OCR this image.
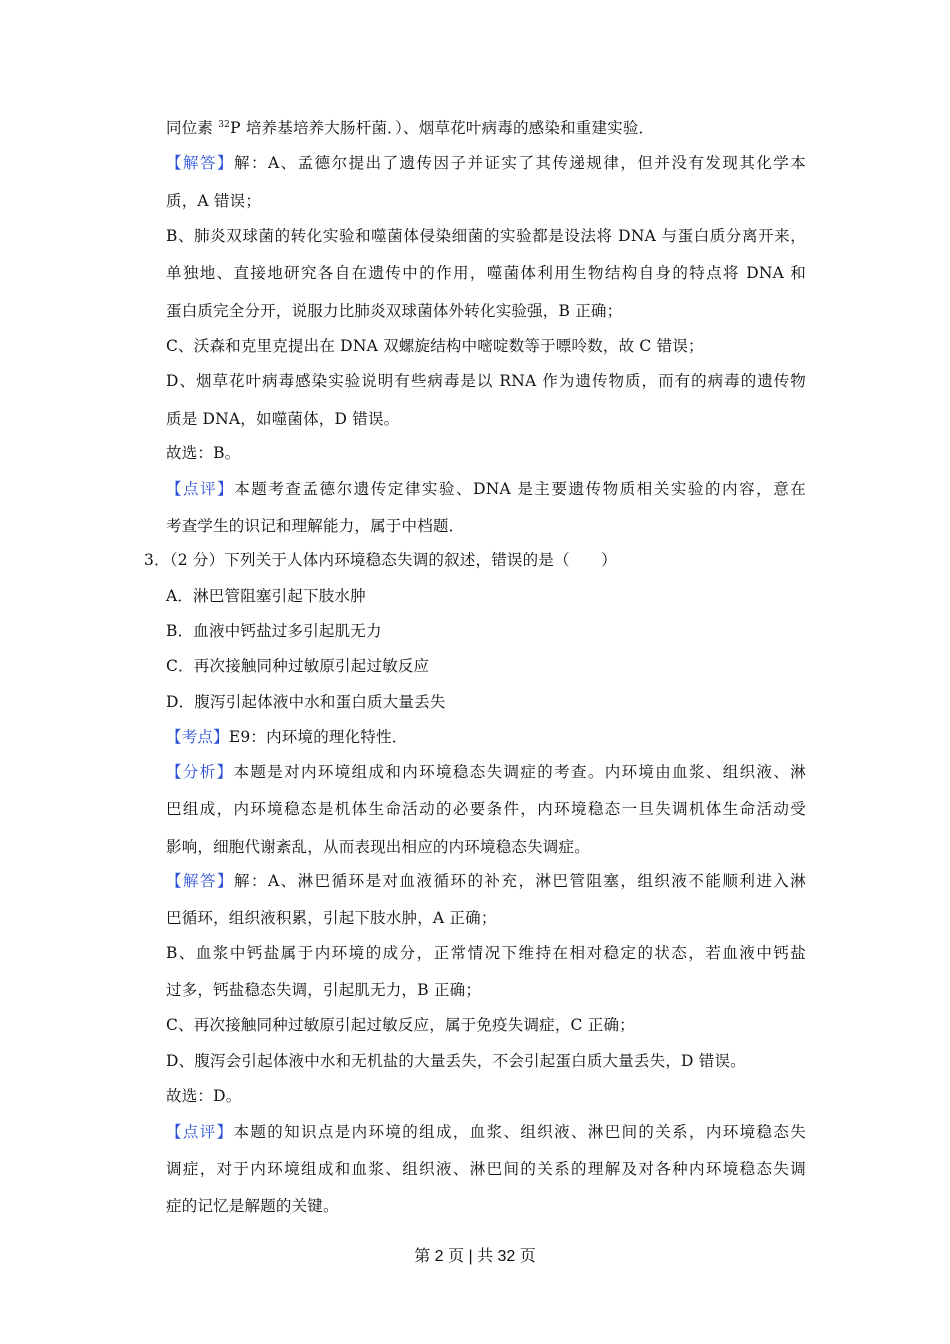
同位素 $^{32}$P 培养基培养大肠杆菌．）、烟草花叶病毒的感染和重建实验．
【解答】解：A、孟德尔提出了遗传因子并证实了其传递规律，但并没有发现其化学本
质，A 错误；
B、肺炎双球菌的转化实验和噬菌体侵染细菌的实验都是设法将 DNA 与蛋白质分离开来，
单独地、直接地研究各自在遗传中的作用，噬菌体利用生物结构自身的特点将 DNA 和
蛋白质完全分开，说服力比肺炎双球菌体外转化实验强，B 正确；
C、沃森和克里克提出在 DNA 双螺旋结构中嘧啶数等于嘌呤数，故 C 错误；
D、烟草花叶病毒感染实验说明有些病毒是以 RNA 作为遗传物质，而有的病毒的遗传物
质是 DNA，如噬菌体，D 错误。
故选：B。
【点评】本题考查孟德尔遗传定律实验、DNA 是主要遗传物质相关实验的内容，意在
考查学生的识记和理解能力，属于中档题．
3．（2 分）下列关于人体内环境稳态失调的叙述，错误的是（　　）
A．淋巴管阻塞引起下肢水肿
B．血液中钙盐过多引起肌无力
C．再次接触同种过敏原引起过敏反应
D．腹泻引起体液中水和蛋白质大量丢失
【考点】E9：内环境的理化特性．
【分析】本题是对内环境组成和内环境稳态失调症的考查。内环境由血浆、组织液、淋
巴组成，内环境稳态是机体生命活动的必要条件，内环境稳态一旦失调机体生命活动受
影响，细胞代谢紊乱，从而表现出相应的内环境稳态失调症。
【解答】解：A、淋巴循环是对血液循环的补充，淋巴管阻塞，组织液不能顺利进入淋
巴循环，组织液积累，引起下肢水肿，A 正确；
B、血浆中钙盐属于内环境的成分，正常情况下维持在相对稳定的状态，若血液中钙盐
过多，钙盐稳态失调，引起肌无力，B 正确；
C、再次接触同种过敏原引起过敏反应，属于免疫失调症，C 正确；
D、腹泻会引起体液中水和无机盐的大量丢失，不会引起蛋白质大量丢失，D 错误。
故选：D。
【点评】本题的知识点是内环境的组成，血浆、组织液、淋巴间的关系，内环境稳态失
调症，对于内环境组成和血浆、组织液、淋巴间的关系的理解及对各种内环境稳态失调
症的记忆是解题的关键。
第 2 页 | 共 32 页
